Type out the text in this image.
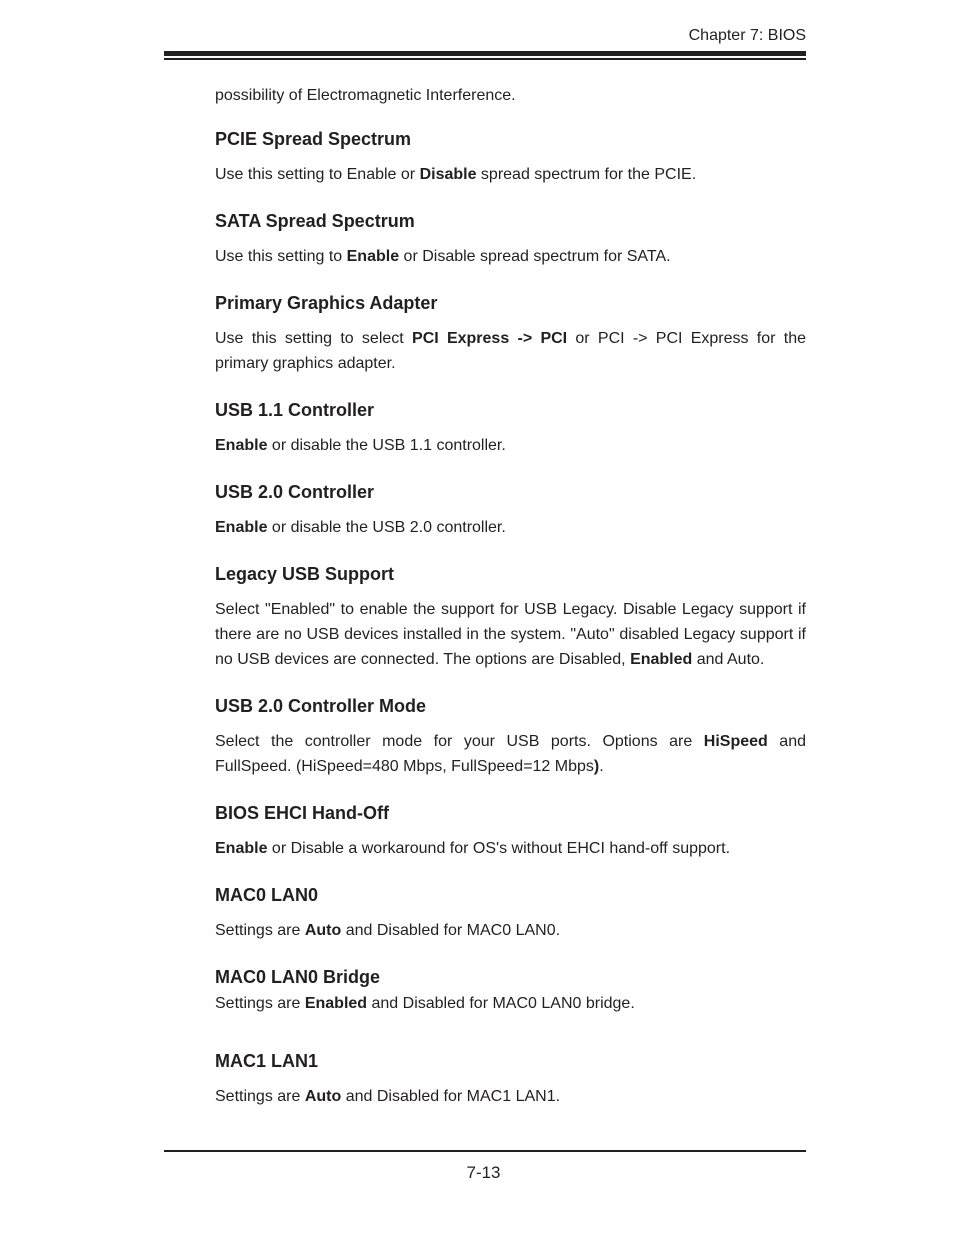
Chapter 7: BIOS

possibility of Electromagnetic Interference.

PCIE Spread Spectrum

Use this setting to Enable or Disable spread spectrum for the PCIE.

SATA Spread Spectrum

Use this setting to Enable or Disable spread spectrum for SATA.

Primary Graphics Adapter

Use this setting to select PCI Express -> PCI or PCI -> PCI Express for the primary graphics adapter.

USB 1.1 Controller

Enable or disable the USB 1.1 controller.

USB 2.0 Controller

Enable or disable the USB 2.0 controller.

Legacy USB Support

Select "Enabled" to enable the support for USB Legacy. Disable Legacy support if there are no USB devices installed in the system. "Auto" disabled Legacy support if no USB devices are connected. The options are Disabled, Enabled and Auto.

USB 2.0 Controller Mode

Select the controller mode for your USB ports. Options are HiSpeed and FullSpeed. (HiSpeed=480 Mbps, FullSpeed=12 Mbps).

BIOS EHCI Hand-Off

Enable or Disable a workaround for OS's without EHCI hand-off support.

MAC0 LAN0

Settings are Auto and Disabled for MAC0 LAN0.

MAC0 LAN0 Bridge

Settings are Enabled and Disabled for MAC0 LAN0 bridge.

MAC1 LAN1

Settings are Auto and Disabled for MAC1 LAN1.

7-13
